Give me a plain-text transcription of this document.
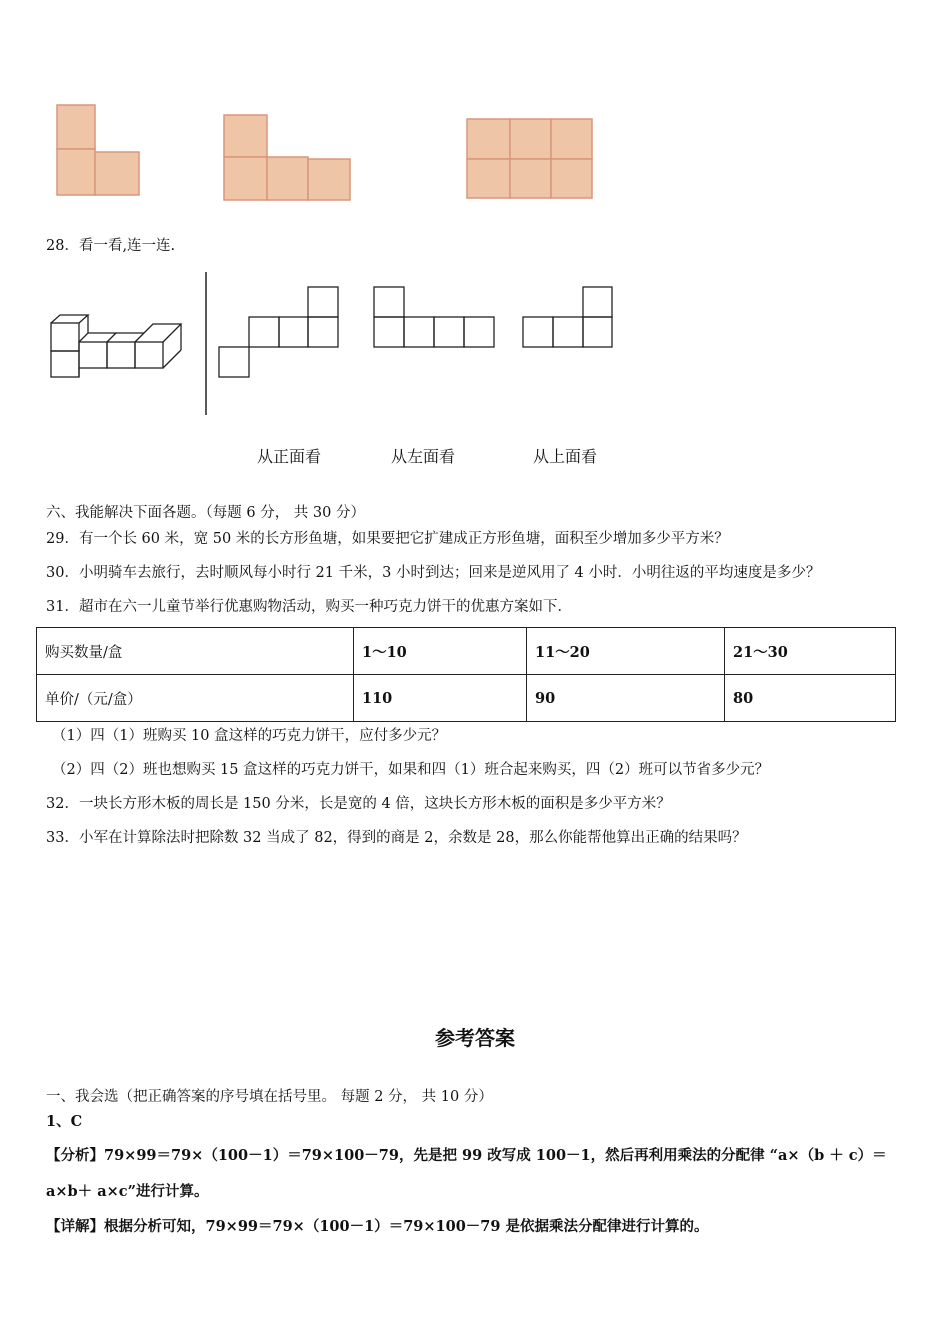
28．看一看,连一连.
从正面看	从左面看	从上面看
六、我能解决下面各题。（每题 6 分， 共 30 分）
29．有一个长 60 米，宽 50 米的长方形鱼塘，如果要把它扩建成正方形鱼塘，面积至少增加多少平方米？
30．小明骑车去旅行，去时顺风每小时行 21 千米，3 小时到达；回来是逆风用了 4 小时．小明往返的平均速度是多少？
31．超市在六一儿童节举行优惠购物活动，购买一种巧克力饼干的优惠方案如下．
购买数量/盒	1～10	11～20	21～30
单价/（元/盒）	110	90	80
（1）四（1）班购买 10 盒这样的巧克力饼干，应付多少元？
（2）四（2）班也想购买 15 盒这样的巧克力饼干，如果和四（1）班合起来购买，四（2）班可以节省多少元？
32．一块长方形木板的周长是 150 分米，长是宽的 4 倍，这块长方形木板的面积是多少平方米？
33．小军在计算除法时把除数 32 当成了 82，得到的商是 2，余数是 28，那么你能帮他算出正确的结果吗？
参考答案
一、我会选（把正确答案的序号填在括号里。 每题 2 分， 共 10 分）
1、C
【分析】79×99＝79×（100－1）＝79×100－79，先是把 99 改写成 100－1，然后再利用乘法的分配律 “a×（b ＋ c）＝
a×b＋ a×c”进行计算。
【详解】根据分析可知，79×99＝79×（100－1）＝79×100－79 是依据乘法分配律进行计算的。
